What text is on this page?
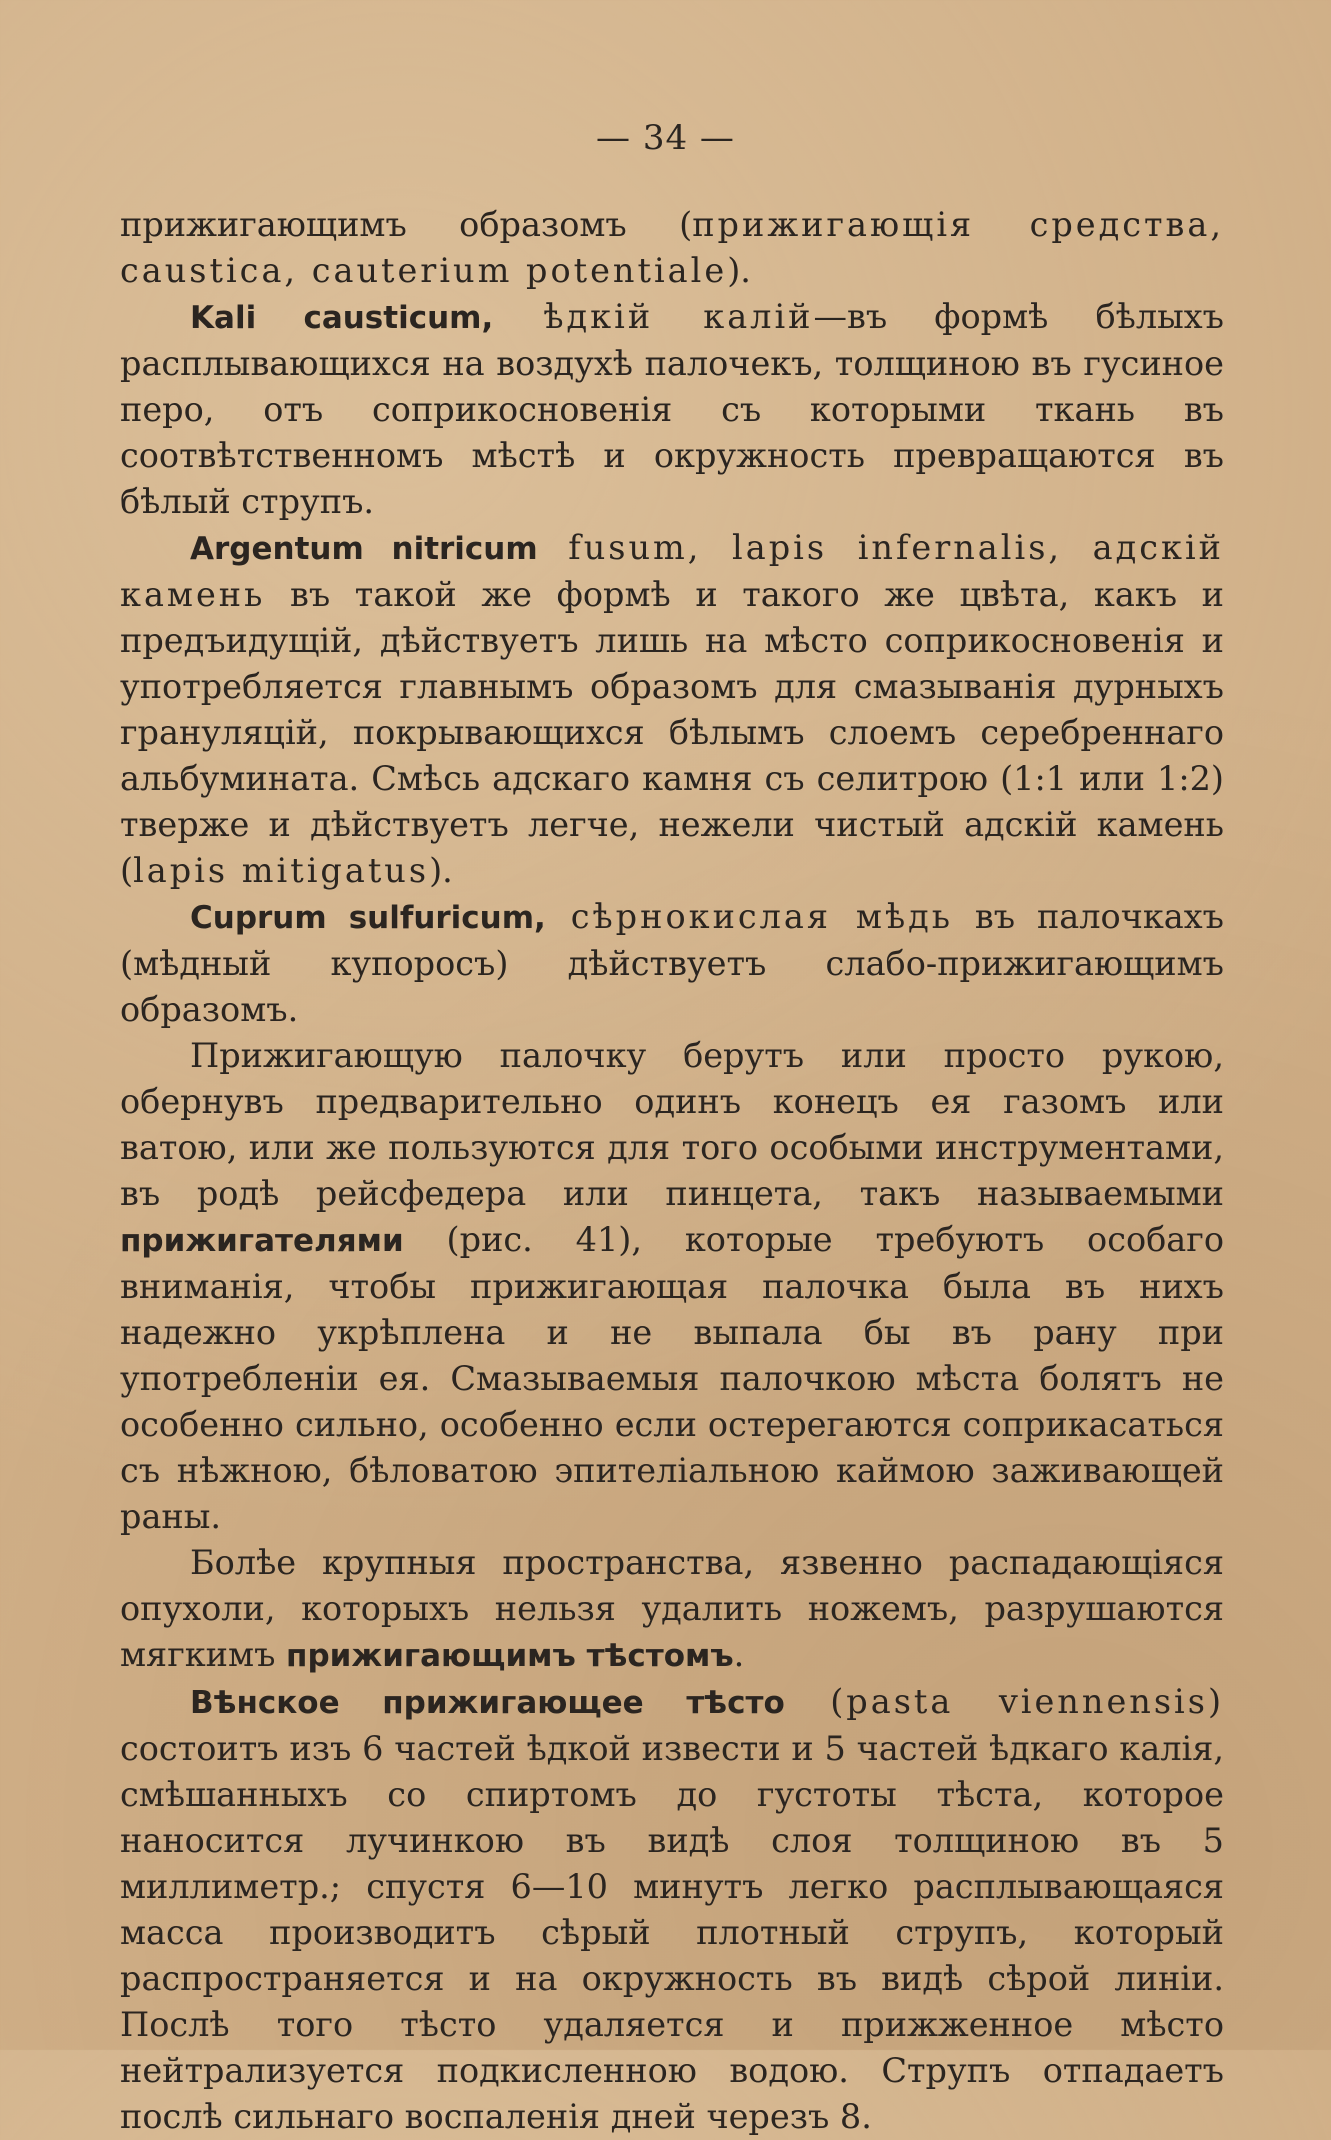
— 34 —

прижигающимъ образомъ (прижигающія средства, caustica, cauterium potentiale).

Kali causticum, ѣдкій калій—въ формѣ бѣлыхъ расплывающихся на воздухѣ палочекъ, толщиною въ гусиное перо, отъ соприкосновенія съ которыми ткань въ соотвѣтственномъ мѣстѣ и окружность превращаются въ бѣлый струпъ.

Argentum nitricum fusum, lapis infernalis, адскій камень въ такой же формѣ и такого же цвѣта, какъ и предъидущій, дѣйствуетъ лишь на мѣсто соприкосновенія и употребляется главнымъ образомъ для смазыванія дурныхъ грануляцій, покрывающихся бѣлымъ слоемъ серебреннаго альбумината. Смѣсь адскаго камня съ селитрою (1:1 или 1:2) тверже и дѣйствуетъ легче, нежели чистый адскій камень (lapis mitigatus).

Cuprum sulfuricum, сѣрнокислая мѣдь въ палочкахъ (мѣдный купоросъ) дѣйствуетъ слабо-прижигающимъ образомъ.

Прижигающую палочку берутъ или просто рукою, обернувъ предварительно одинъ конецъ ея газомъ или ватою, или же пользуются для того особыми инструментами, въ родѣ рейсфедера или пинцета, такъ называемыми прижигателями (рис. 41), которые требуютъ особаго вниманія, чтобы прижигающая палочка была въ нихъ надежно укрѣплена и не выпала бы въ рану при употребленіи ея. Смазываемыя палочкою мѣста болятъ не особенно сильно, особенно если остерегаются соприкасаться съ нѣжною, бѣловатою эпителіальною каймою заживающей раны.

Болѣе крупныя пространства, язвенно распадающіяся опухоли, которыхъ нельзя удалить ножемъ, разрушаются мягкимъ прижигающимъ тѣстомъ.

Вѣнское прижигающее тѣсто (pasta viennensis) состоитъ изъ 6 частей ѣдкой извести и 5 частей ѣдкаго калія, смѣшанныхъ со спиртомъ до густоты тѣста, которое наносится лучинкою въ видѣ слоя толщиною въ 5 миллиметр.; спустя 6—10 минутъ легко расплывающаяся масса производитъ сѣрый плотный струпъ, который распространяется и на окружность въ видѣ сѣрой линіи. Послѣ того тѣсто удаляется и прижженное мѣсто нейтрализуется подкисленною водою. Струпъ отпадаетъ послѣ сильнаго воспаленія дней черезъ 8.
